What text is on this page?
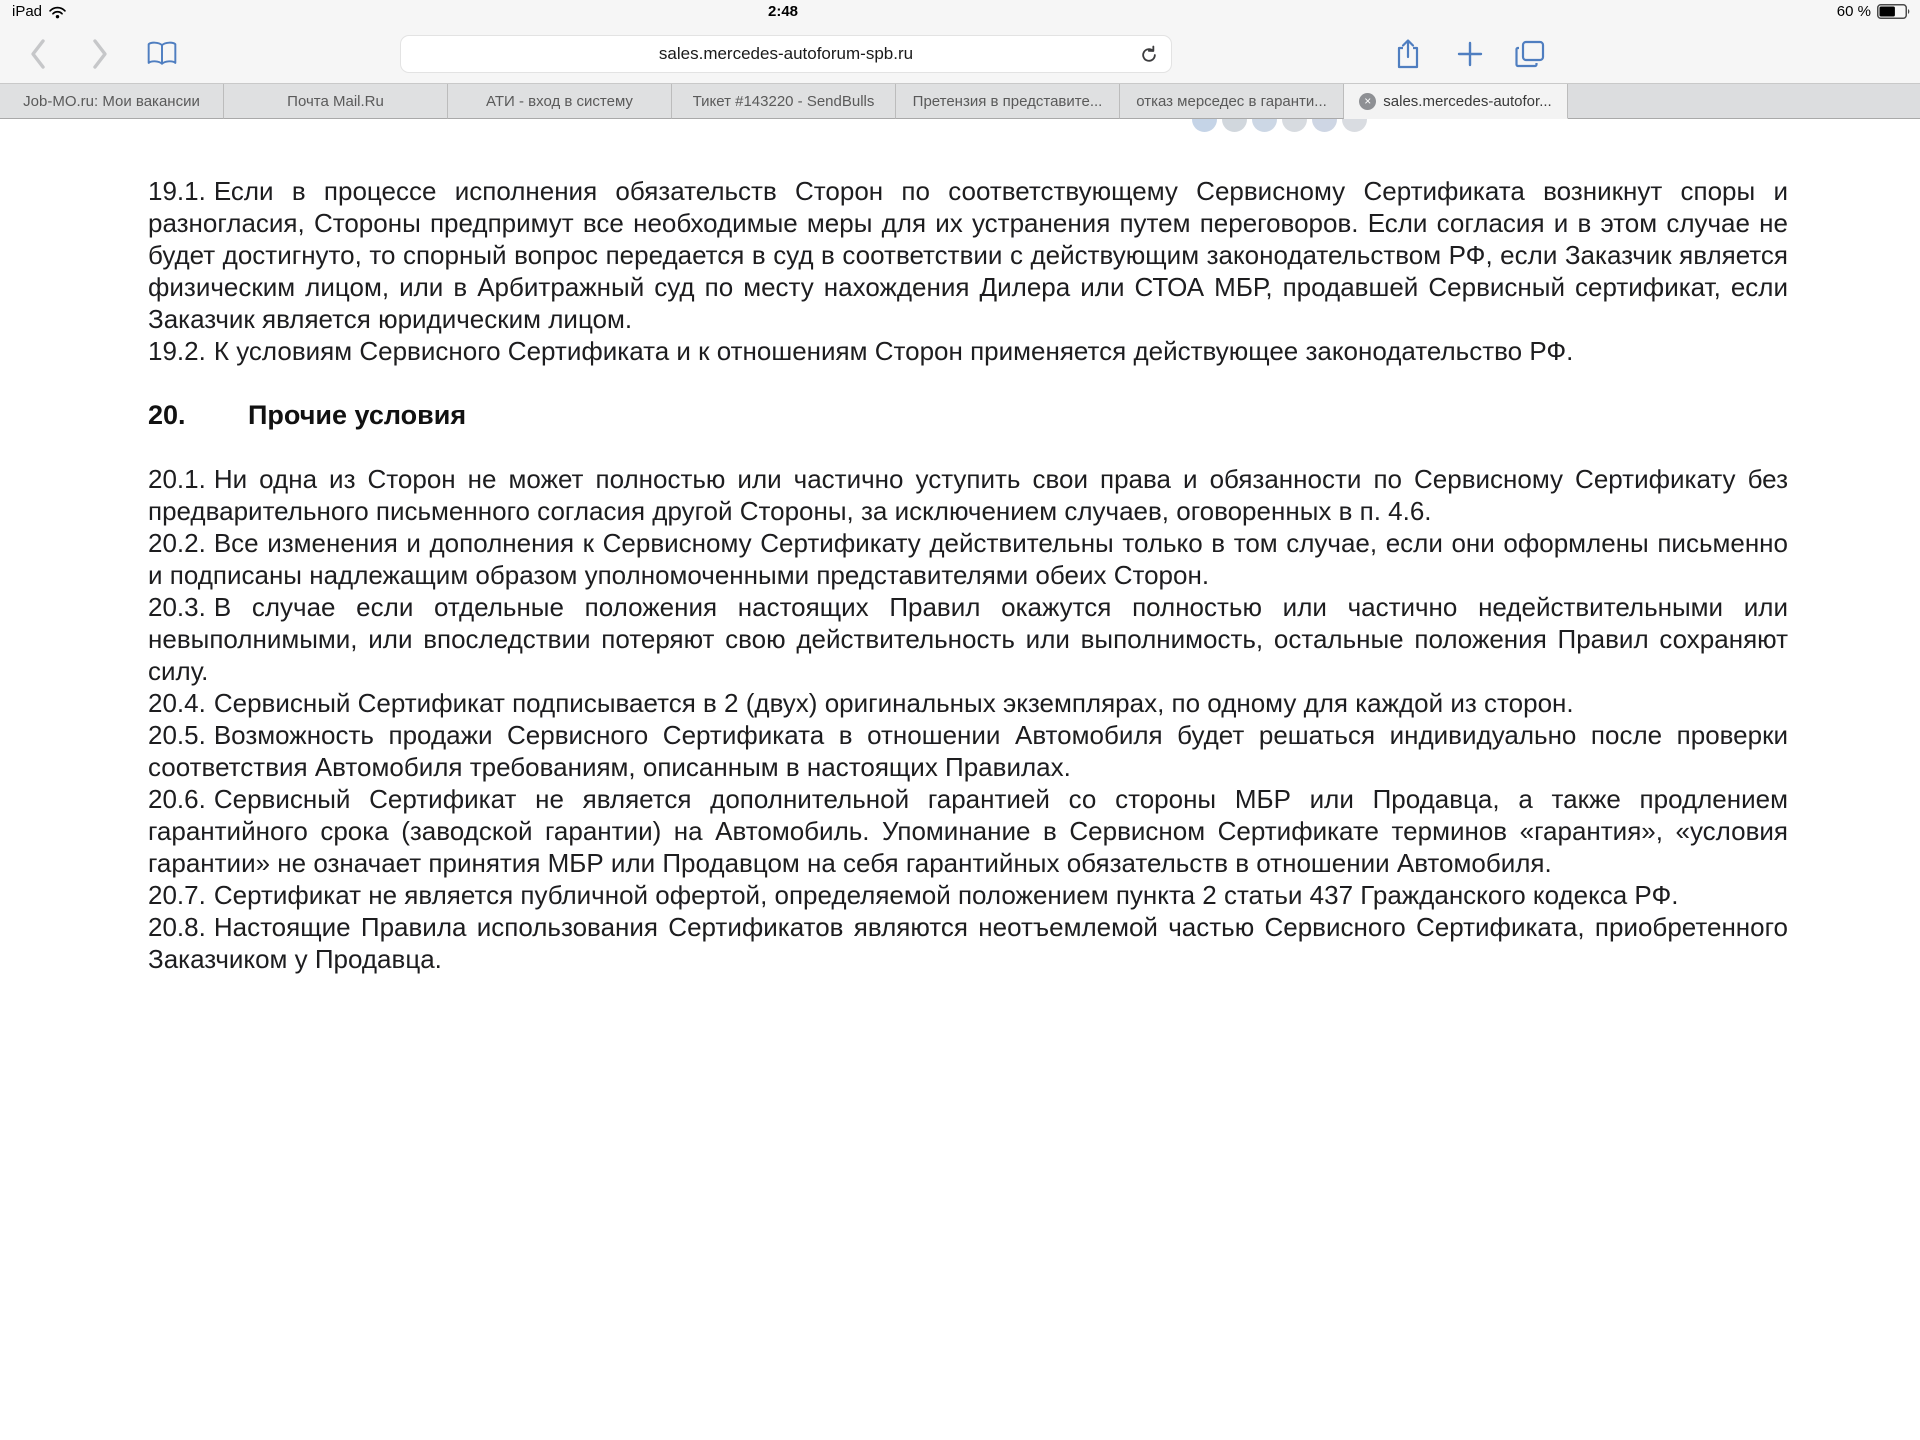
iPad	2:48	60 %
sales.mercedes-autoforum-spb.ru
Job-MO.ru: Мои вакансии	Почта Mail.Ru	АТИ - вход в систему	Тикет #143220 - SendBulls	Претензия в представите... отказ мерседес в гаранти...	× sales.mercedes-autofor...

19.1. Если в процессе исполнения обязательств Сторон по соответствующему Сервисному Сертификата возникнут споры и разногласия, Стороны предпримут все необходимые меры для их устранения путем переговоров. Если согласия и в этом случае не будет достигнуто, то спорный вопрос передается в суд в соответствии с действующим законодательством РФ, если Заказчик является физическим лицом, или в Арбитражный суд по месту нахождения Дилера или СТОА МБР, продавшей Сервисный сертификат, если Заказчик является юридическим лицом.

19.2. К условиям Сервисного Сертификата и к отношениям Сторон применяется действующее законодательство РФ.

20. Прочие условия

20.1. Ни одна из Сторон не может полностью или частично уступить свои права и обязанности по Сервисному Сертификату без предварительного письменного согласия другой Стороны, за исключением случаев, оговоренных в п. 4.6.

20.2. Все изменения и дополнения к Сервисному Сертификату действительны только в том случае, если они оформлены письменно и подписаны надлежащим образом уполномоченными представителями обеих Сторон.

20.3. В случае если отдельные положения настоящих Правил окажутся полностью или частично недействительными или невыполнимыми, или впоследствии потеряют свою действительность или выполнимость, остальные положения Правил сохраняют силу.

20.4. Сервисный Сертификат подписывается в 2 (двух) оригинальных экземплярах, по одному для каждой из сторон.

20.5. Возможность продажи Сервисного Сертификата в отношении Автомобиля будет решаться индивидуально после проверки соответствия Автомобиля требованиям, описанным в настоящих Правилах.

20.6. Сервисный Сертификат не является дополнительной гарантией со стороны МБР или Продавца, а также продлением гарантийного срока (заводской гарантии) на Автомобиль. Упоминание в Сервисном Сертификате терминов «гарантия», «условия гарантии» не означает принятия МБР или Продавцом на себя гарантийных обязательств в отношении Автомобиля.

20.7. Сертификат не является публичной офертой, определяемой положением пункта 2 статьи 437 Гражданского кодекса РФ.

20.8. Настоящие Правила использования Сертификатов являются неотъемлемой частью Сервисного Сертификата, приобретенного Заказчиком у Продавца.
